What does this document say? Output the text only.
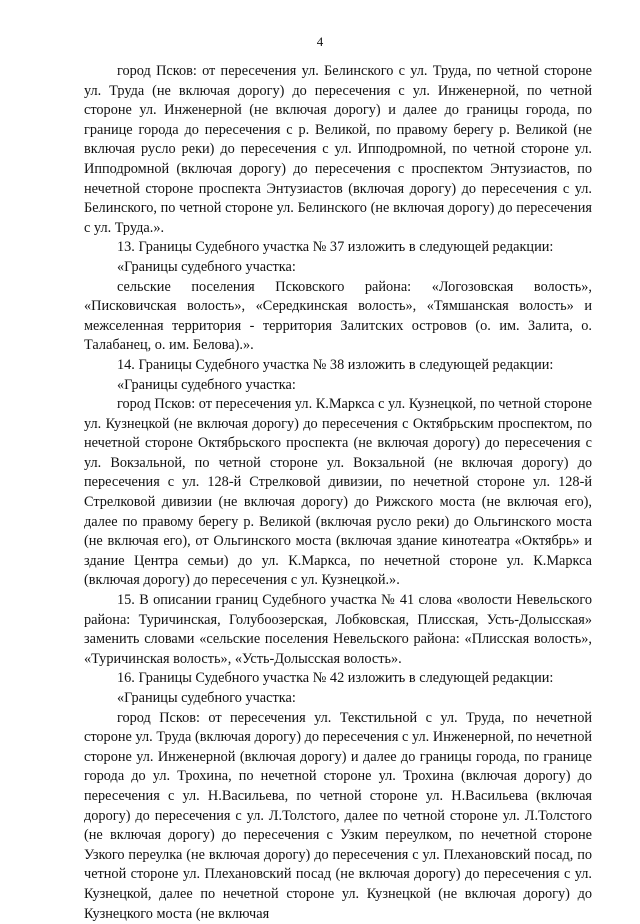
4

город Псков: от пересечения ул. Белинского с ул. Труда, по четной стороне ул. Труда (не включая дорогу) до пересечения с ул. Инженерной, по четной стороне ул. Инженерной (не включая дорогу) и далее до границы города, по границе города до пересечения с р. Великой, по правому берегу р. Великой (не включая русло реки) до пересечения с ул. Ипподромной, по четной стороне ул. Ипподромной (включая дорогу) до пересечения с проспектом Энтузиастов, по нечетной стороне проспекта Энтузиастов (включая дорогу) до пересечения с ул. Белинского, по четной стороне ул. Белинского (не включая дорогу) до пересечения с ул. Труда.».

13. Границы Судебного участка № 37 изложить в следующей редакции:

«Границы судебного участка:

сельские поселения Псковского района: «Логозовская волость», «Писковичская волость», «Середкинская волость», «Тямшанская волость» и межселенная территория - территория Залитских островов (о. им. Залита, о. Талабанец, о. им. Белова).».

14. Границы Судебного участка № 38 изложить в следующей редакции:

«Границы судебного участка:

город Псков: от пересечения ул. К.Маркса с ул. Кузнецкой, по четной стороне ул. Кузнецкой (не включая дорогу) до пересечения с Октябрьским проспектом, по нечетной стороне Октябрьского проспекта (не включая дорогу) до пересечения с ул. Вокзальной, по четной стороне ул. Вокзальной (не включая дорогу) до пересечения с ул. 128-й Стрелковой дивизии, по нечетной стороне ул. 128-й Стрелковой дивизии (не включая дорогу) до Рижского моста (не включая его), далее по правому берегу р. Великой (включая русло реки) до Ольгинского моста (не включая его), от Ольгинского моста (включая здание кинотеатра «Октябрь» и здание Центра семьи) до ул. К.Маркса, по нечетной стороне ул. К.Маркса (включая дорогу) до пересечения с ул. Кузнецкой.».

15. В описании границ Судебного участка № 41 слова «волости Невельского района: Туричинская, Голубоозерская, Лобковская, Плисская, Усть-Долысская» заменить словами «сельские поселения Невельского района: «Плисская волость», «Туричинская волость», «Усть-Долысская волость».

16. Границы Судебного участка № 42 изложить в следующей редакции:

«Границы судебного участка:

город Псков: от пересечения ул. Текстильной с ул. Труда, по нечетной стороне ул. Труда (включая дорогу) до пересечения с ул. Инженерной, по нечетной стороне ул. Инженерной (включая дорогу) и далее до границы города, по границе города до ул. Трохина, по нечетной стороне ул. Трохина (включая дорогу) до пересечения с ул. Н.Васильева, по четной стороне ул. Н.Васильева (включая дорогу) до пересечения с ул. Л.Толстого, далее по четной стороне ул. Л.Толстого (не включая дорогу) до пересечения с Узким переулком, по нечетной стороне Узкого переулка (не включая дорогу) до пересечения с ул. Плехановский посад, по четной стороне ул. Плехановский посад (не включая дорогу) до пересечения с ул. Кузнецкой, далее по нечетной стороне ул. Кузнецкой (не включая дорогу) до Кузнецкого моста (не включая
